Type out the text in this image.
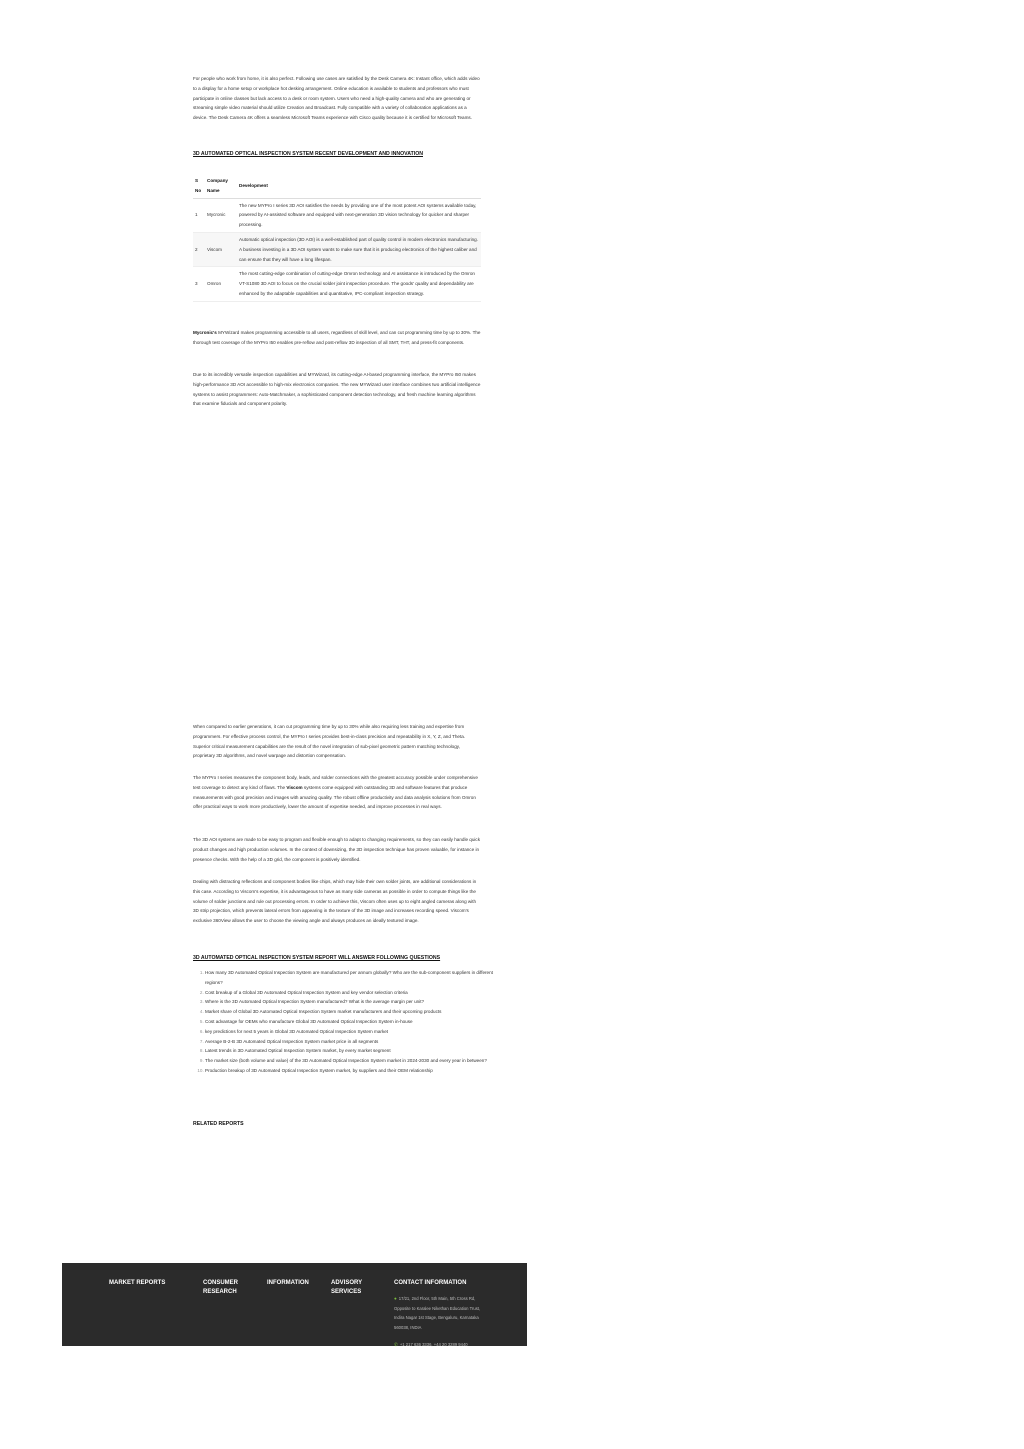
For people who work from home, it is also perfect. Following use cases are satisfied by the Desk Camera 4K: Instant office, which adds video to a display for a home setup or workplace hot desking arrangement. Online education is available to students and professors who must participate in online classes but lack access to a desk or room system. Users who need a high-quality camera and who are generating or streaming simple video material should utilize Creation and Broadcast. Fully compatible with a variety of collaboration applications as a device. The Desk Camera 4K offers a seamless Microsoft Teams experience with Cisco quality because it is certified for Microsoft Teams.

3D AUTOMATED OPTICAL INSPECTION SYSTEM RECENT DEVELOPMENT AND INNOVATION
S No	Company Name	Development
1	Mycronic	The new MYPro I series 3D AOI satisfies the needs by providing one of the most potent AOI systems available today, powered by AI-assisted software and equipped with next-generation 3D vision technology for quicker and sharper processing.
2	Viscom	Automatic optical inspection (3D AOI) is a well-established part of quality control in modern electronics manufacturing. A business investing in a 3D AOI system wants to make sure that it is producing electronics of the highest caliber and can ensure that they will have a long lifespan.
3	Omron	The most cutting-edge combination of cutting-edge Omron technology and AI assistance is introduced by the Omron VT-S1080 3D AOI to focus on the crucial solder joint inspection procedure. The goods' quality and dependability are enhanced by the adaptable capabilities and quantitative, IPC-compliant inspection strategy.

Mycronic's MYWizard makes programming accessible to all users, regardless of skill level, and can cut programming time by up to 30%. The thorough test coverage of the MYPro I50 enables pre-reflow and post-reflow 3D inspection of all SMT, THT, and press-fit components.

Due to its incredibly versatile inspection capabilities and MYWizard, its cutting-edge AI-based programming interface, the MYPro I50 makes high-performance 3D AOI accessible to high-mix electronics companies. The new MYWizard user interface combines two artificial intelligence systems to assist programmers: Auto-Matchmaker, a sophisticated component detection technology, and fresh machine learning algorithms that examine fiducials and component polarity.

When compared to earlier generations, it can cut programming time by up to 30% while also requiring less training and expertise from programmers. For effective process control, the MYPro I series provides best-in-class precision and repeatability in X, Y, Z, and Theta. Superior critical measurement capabilities are the result of the novel integration of sub-pixel geometric pattern matching technology, proprietary 3D algorithms, and novel warpage and distortion compensation.

The MYPro I series measures the component body, leads, and solder connections with the greatest accuracy possible under comprehensive test coverage to detect any kind of flaws. The Viscom systems come equipped with outstanding 3D and software features that produce measurements with good precision and images with amazing quality. The robust offline productivity and data analysis solutions from Omron offer practical ways to work more productively, lower the amount of expertise needed, and improve processes in real ways.

The 3D AOI systems are made to be easy to program and flexible enough to adapt to changing requirements, so they can easily handle quick product changes and high production volumes. In the context of downsizing, the 3D inspection technique has proven valuable, for instance in presence checks. With the help of a 3D grid, the component is positively identified.

Dealing with distracting reflections and component bodies like chips, which may hide their own solder joints, are additional considerations in this case. According to Viscom's expertise, it is advantageous to have as many side cameras as possible in order to compute things like the volume of solder junctions and rule out processing errors. In order to achieve this, Viscom often uses up to eight angled cameras along with 3D strip projection, which prevents lateral errors from appearing in the texture of the 3D image and increases recording speed. Viscom's exclusive 360View allows the user to choose the viewing angle and always produces an ideally textured image.

3D AUTOMATED OPTICAL INSPECTION SYSTEM REPORT WILL ANSWER FOLLOWING QUESTIONS
1. How many 3D Automated Optical Inspection System are manufactured per annum globally? Who are the sub-component suppliers in different regions?
2. Cost breakup of a Global 3D Automated Optical Inspection System and key vendor selection criteria
3. Where is the 3D Automated Optical Inspection System manufactured? What is the average margin per unit?
4. Market share of Global 3D Automated Optical Inspection System market manufacturers and their upcoming products
5. Cost advantage for OEMs who manufacture Global 3D Automated Optical Inspection System in-house
6. key predictions for next 5 years in Global 3D Automated Optical Inspection System market
7. Average B-2-B 3D Automated Optical Inspection System market price in all segments
8. Latest trends in 3D Automated Optical Inspection System market, by every market segment
9. The market size (both volume and value) of the 3D Automated Optical Inspection System market in 2024-2030 and every year in between?
10. Production breakup of 3D Automated Optical Inspection System market, by suppliers and their OEM relationship
RELATED REPORTS
MARKET REPORTS	CONSUMER
RESEARCH
INFORMATION	ADVISORY
SERVICES
CONTACT INFORMATION
● 17/21, 2nd Floor, 5th Main, 5th Cross Rd, Opposite to Karalee Nikethan Education Trust, Indira Nagar 1st Stage, Bengaluru, Karnataka 560038, INDIA
✆ +1 217 636 3336, +44 20 3289 9440
